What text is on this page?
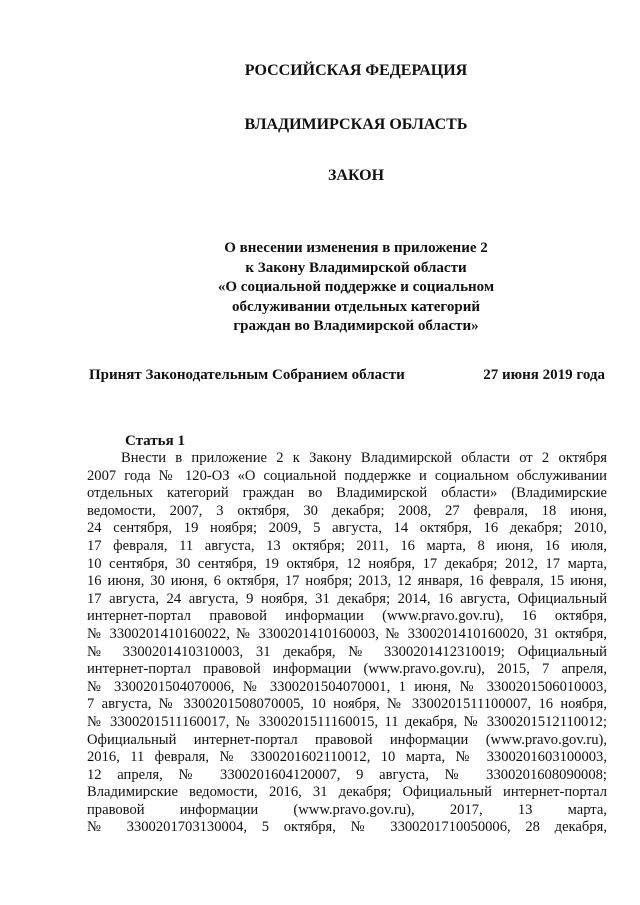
РОССИЙСКАЯ ФЕДЕРАЦИЯ
ВЛАДИМИРСКАЯ ОБЛАСТЬ
ЗАКОН
О внесении изменения в приложение 2
к Закону Владимирской области
«О социальной поддержке и социальном
обслуживании отдельных категорий
граждан во Владимирской области»
Принят Законодательным Собранием области	27 июня 2019 года
Статья 1
Внести в приложение 2 к Закону Владимирской области от 2 октября
2007 года № 120-ОЗ «О социальной поддержке и социальном обслуживании
отдельных категорий граждан во Владимирской области» (Владимирские
ведомости, 2007, 3 октября, 30 декабря; 2008, 27 февраля, 18 июня,
24 сентября, 19 ноября; 2009, 5 августа, 14 октября, 16 декабря; 2010,
17 февраля, 11 августа, 13 октября; 2011, 16 марта, 8 июня, 16 июля,
10 сентября, 30 сентября, 19 октября, 12 ноября, 17 декабря; 2012, 17 марта,
16 июня, 30 июня, 6 октября, 17 ноября; 2013, 12 января, 16 февраля, 15 июня,
17 августа, 24 августа, 9 ноября, 31 декабря; 2014, 16 августа, Официальный
интернет-портал правовой информации (www.pravo.gov.ru), 16 октября,
№ 3300201410160022, № 3300201410160003, № 3300201410160020, 31 октября,
№ 3300201410310003, 31 декабря, № 3300201412310019; Официальный
интернет-портал правовой информации (www.pravo.gov.ru), 2015, 7 апреля,
№ 3300201504070006, № 3300201504070001, 1 июня, № 3300201506010003,
7 августа, № 3300201508070005, 10 ноября, № 3300201511100007, 16 ноября,
№ 3300201511160017, № 3300201511160015, 11 декабря, № 3300201512110012;
Официальный интернет-портал правовой информации (www.pravo.gov.ru),
2016, 11 февраля, № 3300201602110012, 10 марта, № 3300201603100003,
12 апреля, № 3300201604120007, 9 августа, № 3300201608090008;
Владимирские ведомости, 2016, 31 декабря; Официальный интернет-портал
правовой информации (www.pravo.gov.ru), 2017, 13 марта,
№ 3300201703130004, 5 октября, № 3300201710050006, 28 декабря,
